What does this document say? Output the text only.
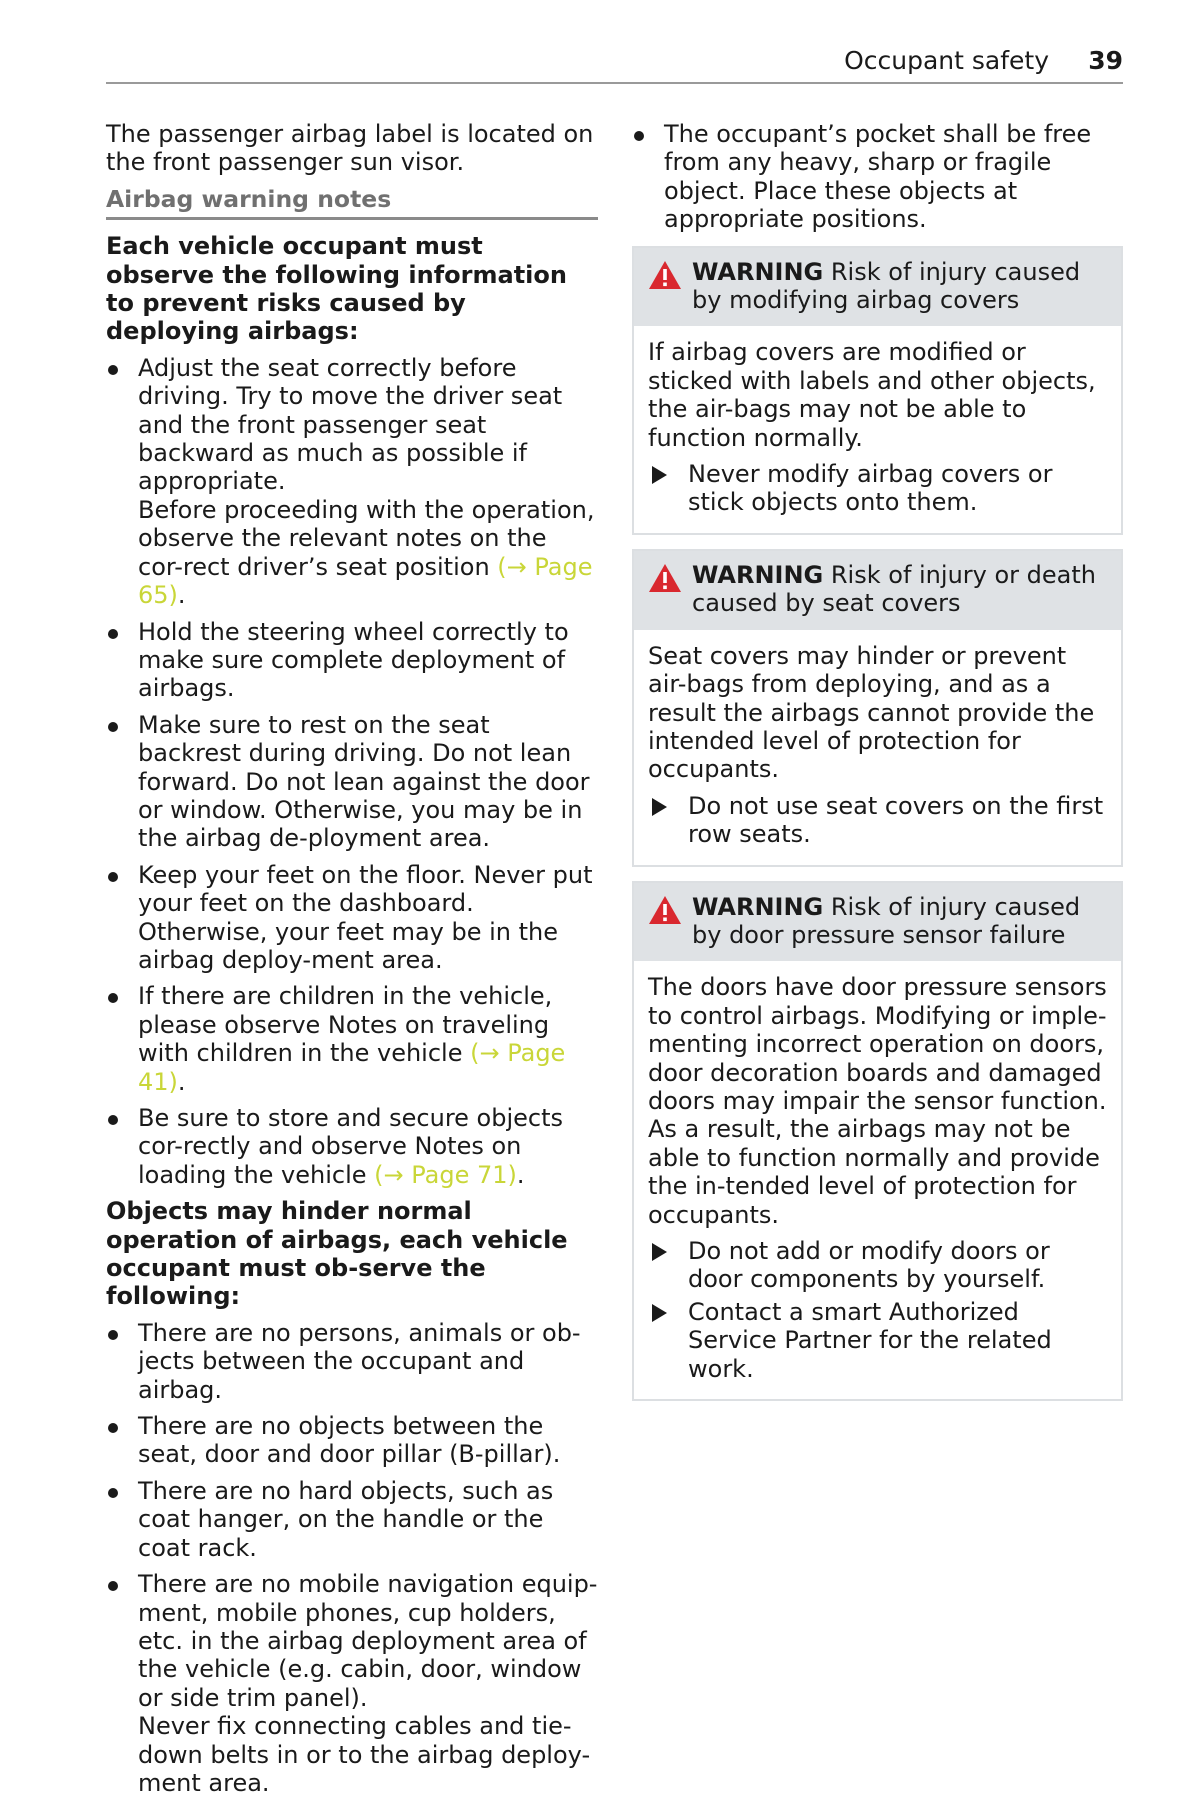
Occupant safety 39

The passenger airbag label is located on the front passenger sun visor.

Airbag warning notes

Each vehicle occupant must observe the following information to prevent risks caused by deploying airbags:

Adjust the seat correctly before driving. Try to move the driver seat and the front passenger seat backward as much as possible if appropriate.
Before proceeding with the operation, observe the relevant notes on the cor-rect driver’s seat position (→ Page 65).
Hold the steering wheel correctly to make sure complete deployment of airbags.
Make sure to rest on the seat backrest during driving. Do not lean forward. Do not lean against the door or window. Otherwise, you may be in the airbag de-ployment area.
Keep your feet on the floor. Never put your feet on the dashboard. Otherwise, your feet may be in the airbag deploy-ment area.
If there are children in the vehicle, please observe Notes on traveling with children in the vehicle (→ Page 41).
Be sure to store and secure objects cor-rectly and observe Notes on loading the vehicle (→ Page 71).

Objects may hinder normal operation of airbags, each vehicle occupant must ob-serve the following:

There are no persons, animals or ob-jects between the occupant and airbag.
There are no objects between the seat, door and door pillar (B-pillar).
There are no hard objects, such as coat hanger, on the handle or the coat rack.
There are no mobile navigation equip-ment, mobile phones, cup holders, etc. in the airbag deployment area of the vehicle (e.g. cabin, door, window or side trim panel).
Never fix connecting cables and tie-down belts in or to the airbag deploy-ment area.
The occupant’s pocket shall be free from any heavy, sharp or fragile object. Place these objects at appropriate positions.
WARNING Risk of injury caused by modifying airbag covers

If airbag covers are modified or sticked with labels and other objects, the air-bags may not be able to function normally.

Never modify airbag covers or stick objects onto them.
WARNING Risk of injury or death caused by seat covers

Seat covers may hinder or prevent air-bags from deploying, and as a result the airbags cannot provide the intended level of protection for occupants.

Do not use seat covers on the first row seats.
WARNING Risk of injury caused by door pressure sensor failure

The doors have door pressure sensors to control airbags. Modifying or imple-menting incorrect operation on doors, door decoration boards and damaged doors may impair the sensor function. As a result, the airbags may not be able to function normally and provide the in-tended level of protection for occupants.

Do not add or modify doors or door components by yourself.
Contact a smart Authorized Service Partner for the related work.
